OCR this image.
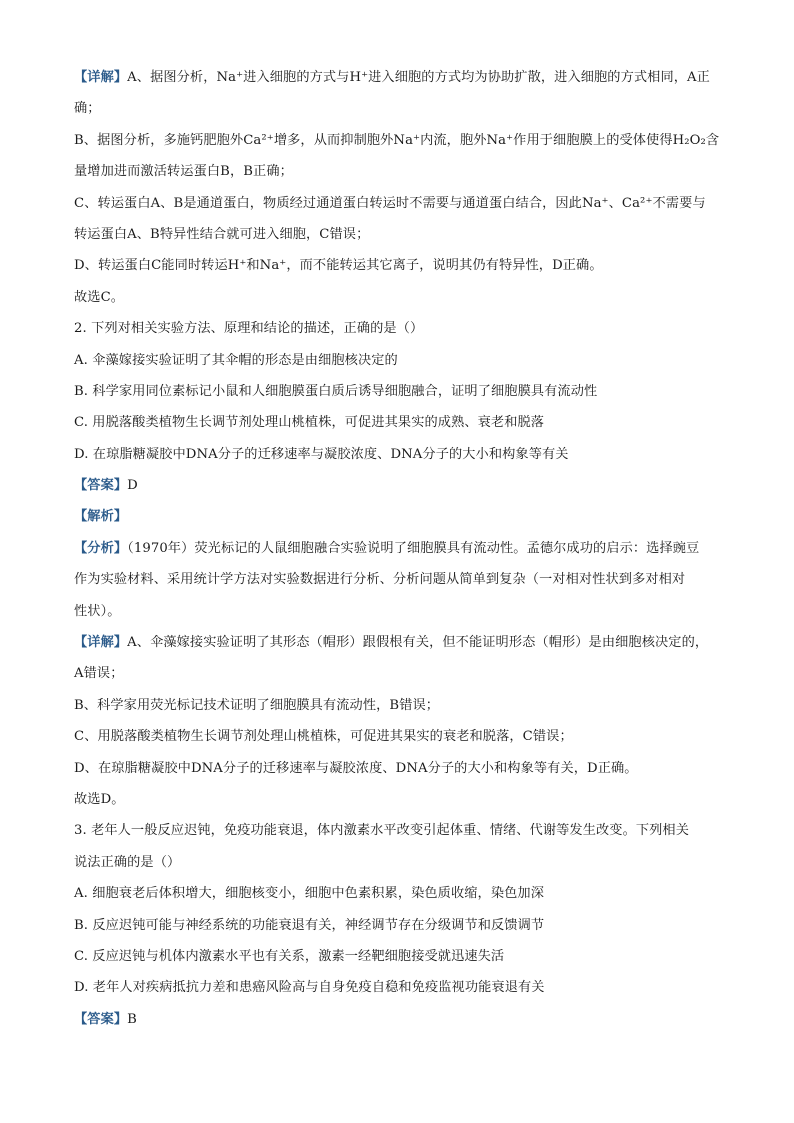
【详解】A、据图分析，Na⁺进入细胞的方式与H⁺进入细胞的方式均为协助扩散，进入细胞的方式相同，A正
确；
B、据图分析，多施钙肥胞外Ca²⁺增多，从而抑制胞外Na⁺内流，胞外Na⁺作用于细胞膜上的受体使得H₂O₂含
量增加进而激活转运蛋白B，B正确；
C、转运蛋白A、B是通道蛋白，物质经过通道蛋白转运时不需要与通道蛋白结合，因此Na⁺、Ca²⁺不需要与
转运蛋白A、B特异性结合就可进入细胞，C错误；
D、转运蛋白C能同时转运H⁺和Na⁺，而不能转运其它离子，说明其仍有特异性，D正确。
故选C。
2. 下列对相关实验方法、原理和结论的描述，正确的是（）
A. 伞藻嫁接实验证明了其伞帽的形态是由细胞核决定的
B. 科学家用同位素标记小鼠和人细胞膜蛋白质后诱导细胞融合，证明了细胞膜具有流动性
C. 用脱落酸类植物生长调节剂处理山桃植株，可促进其果实的成熟、衰老和脱落
D. 在琼脂糖凝胶中DNA分子的迁移速率与凝胶浓度、DNA分子的大小和构象等有关
【答案】D
【解析】
【分析】（1970年）荧光标记的人鼠细胞融合实验说明了细胞膜具有流动性。孟德尔成功的启示：选择豌豆
作为实验材料、采用统计学方法对实验数据进行分析、分析问题从简单到复杂（一对相对性状到多对相对
性状）。
【详解】A、伞藻嫁接实验证明了其形态（帽形）跟假根有关，但不能证明形态（帽形）是由细胞核决定的，
A错误；
B、科学家用荧光标记技术证明了细胞膜具有流动性，B错误；
C、用脱落酸类植物生长调节剂处理山桃植株，可促进其果实的衰老和脱落，C错误；
D、在琼脂糖凝胶中DNA分子的迁移速率与凝胶浓度、DNA分子的大小和构象等有关，D正确。
故选D。
3. 老年人一般反应迟钝，免疫功能衰退，体内激素水平改变引起体重、情绪、代谢等发生改变。下列相关
说法正确的是（）
A. 细胞衰老后体积增大，细胞核变小，细胞中色素积累，染色质收缩，染色加深
B. 反应迟钝可能与神经系统的功能衰退有关，神经调节存在分级调节和反馈调节
C. 反应迟钝与机体内激素水平也有关系，激素一经靶细胞接受就迅速失活
D. 老年人对疾病抵抗力差和患癌风险高与自身免疫自稳和免疫监视功能衰退有关
【答案】B
